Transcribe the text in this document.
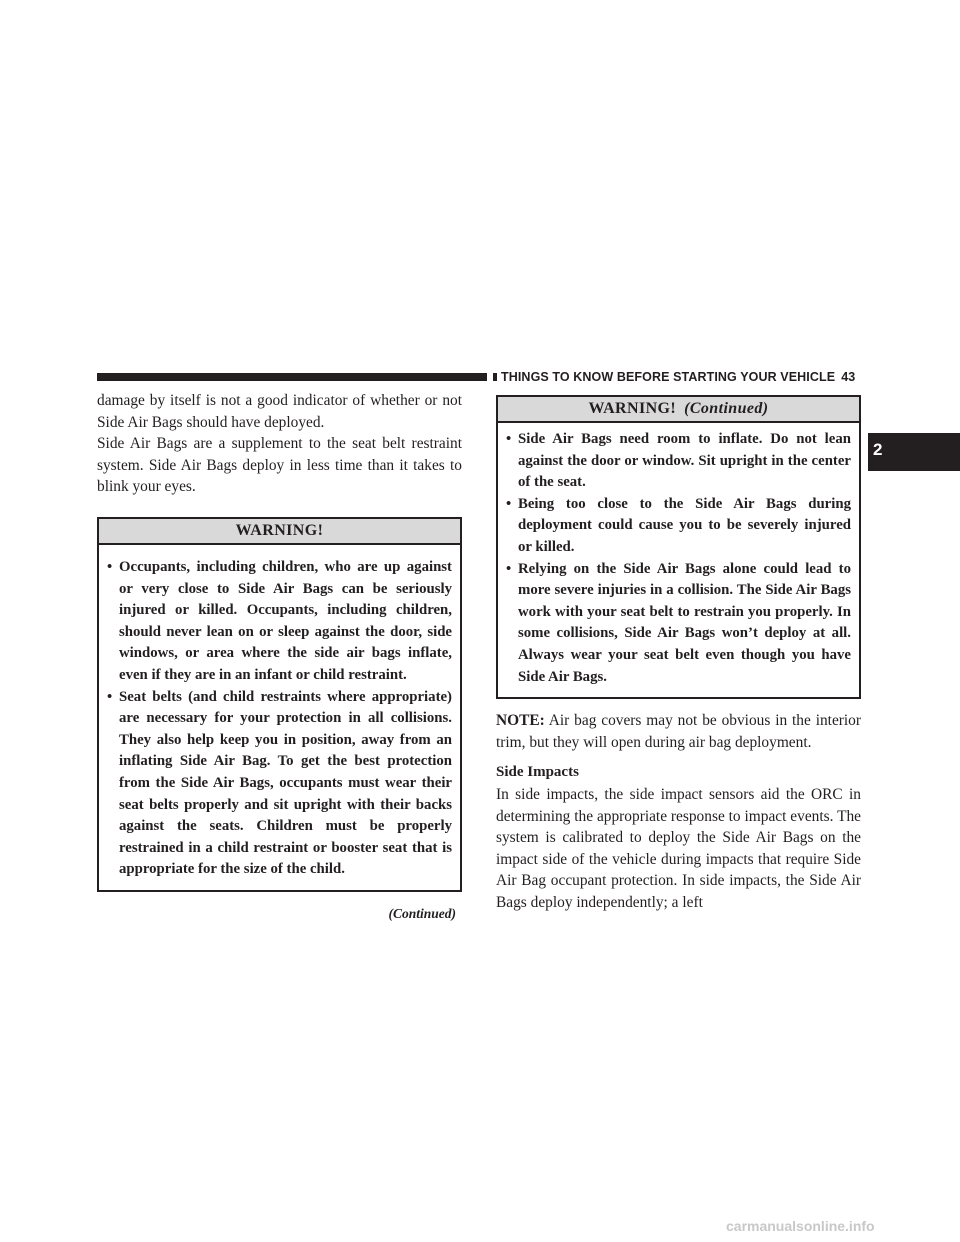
THINGS TO KNOW BEFORE STARTING YOUR VEHICLE 43
2

damage by itself is not a good indicator of whether or not Side Air Bags should have deployed.

Side Air Bags are a supplement to the seat belt restraint system. Side Air Bags deploy in less time than it takes to blink your eyes.

WARNING!
• Occupants, including children, who are up against or very close to Side Air Bags can be seriously injured or killed. Occupants, including children, should never lean on or sleep against the door, side windows, or area where the side air bags inflate, even if they are in an infant or child restraint.
• Seat belts (and child restraints where appropriate) are necessary for your protection in all collisions. They also help keep you in position, away from an inflating Side Air Bag. To get the best protection from the Side Air Bags, occupants must wear their seat belts properly and sit upright with their backs against the seats. Children must be properly restrained in a child restraint or booster seat that is appropriate for the size of the child.
(Continued)
WARNING! (Continued)
• Side Air Bags need room to inflate. Do not lean against the door or window. Sit upright in the center of the seat.
• Being too close to the Side Air Bags during deployment could cause you to be severely injured or killed.
• Relying on the Side Air Bags alone could lead to more severe injuries in a collision. The Side Air Bags work with your seat belt to restrain you properly. In some collisions, Side Air Bags won’t deploy at all. Always wear your seat belt even though you have Side Air Bags.

NOTE: Air bag covers may not be obvious in the interior trim, but they will open during air bag deployment.

Side Impacts

In side impacts, the side impact sensors aid the ORC in determining the appropriate response to impact events. The system is calibrated to deploy the Side Air Bags on the impact side of the vehicle during impacts that require Side Air Bag occupant protection. In side impacts, the Side Air Bags deploy independently; a left

carmanualsonline.info
